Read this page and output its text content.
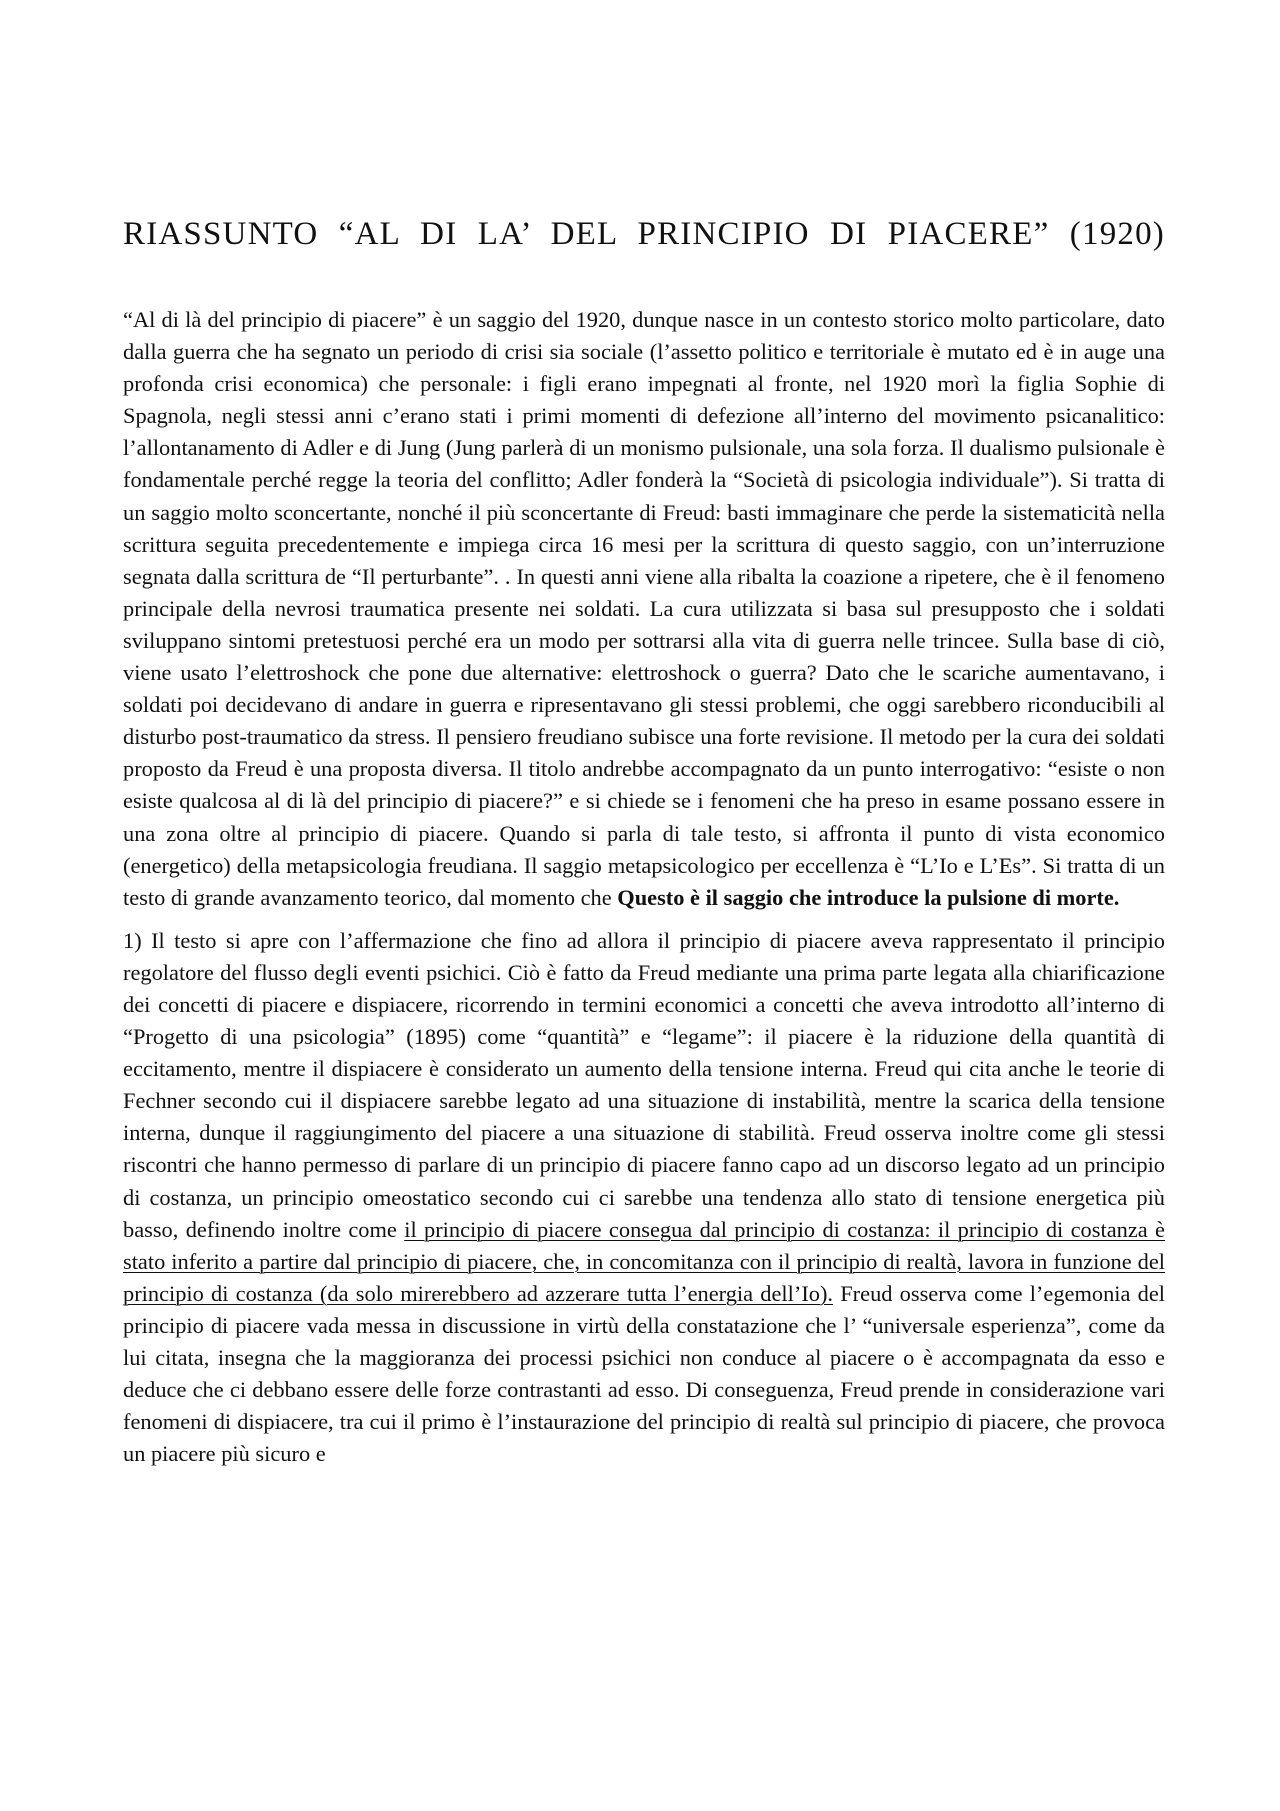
RIASSUNTO “AL DI LA’ DEL PRINCIPIO DI PIACERE” (1920)

“Al di là del principio di piacere” è un saggio del 1920, dunque nasce in un contesto storico molto particolare, dato dalla guerra che ha segnato un periodo di crisi sia sociale (l’assetto politico e territoriale è mutato ed è in auge una profonda crisi economica) che personale: i figli erano impegnati al fronte, nel 1920 morì la figlia Sophie di Spagnola, negli stessi anni c’erano stati i primi momenti di defezione all’interno del movimento psicanalitico: l’allontanamento di Adler e di Jung (Jung parlerà di un monismo pulsionale, una sola forza. Il dualismo pulsionale è fondamentale perché regge la teoria del conflitto; Adler fonderà la “Società di psicologia individuale”). Si tratta di un saggio molto sconcertante, nonché il più sconcertante di Freud: basti immaginare che perde la sistematicità nella scrittura seguita precedentemente e impiega circa 16 mesi per la scrittura di questo saggio, con un’interruzione segnata dalla scrittura de “Il perturbante”. . In questi anni viene alla ribalta la coazione a ripetere, che è il fenomeno principale della nevrosi traumatica presente nei soldati. La cura utilizzata si basa sul presupposto che i soldati sviluppano sintomi pretestuosi perché era un modo per sottrarsi alla vita di guerra nelle trincee. Sulla base di ciò, viene usato l’elettroshock che pone due alternative: elettroshock o guerra? Dato che le scariche aumentavano, i soldati poi decidevano di andare in guerra e ripresentavano gli stessi problemi, che oggi sarebbero riconducibili al disturbo post-traumatico da stress. Il pensiero freudiano subisce una forte revisione. Il metodo per la cura dei soldati proposto da Freud è una proposta diversa. Il titolo andrebbe accompagnato da un punto interrogativo: “esiste o non esiste qualcosa al di là del principio di piacere?” e si chiede se i fenomeni che ha preso in esame possano essere in una zona oltre al principio di piacere. Quando si parla di tale testo, si affronta il punto di vista economico (energetico) della metapsicologia freudiana. Il saggio metapsicologico per eccellenza è “L’Io e L’Es”. Si tratta di un testo di grande avanzamento teorico, dal momento che Questo è il saggio che introduce la pulsione di morte.

1) Il testo si apre con l’affermazione che fino ad allora il principio di piacere aveva rappresentato il principio regolatore del flusso degli eventi psichici. Ciò è fatto da Freud mediante una prima parte legata alla chiarificazione dei concetti di piacere e dispiacere, ricorrendo in termini economici a concetti che aveva introdotto all’interno di “Progetto di una psicologia” (1895) come “quantità” e “legame”: il piacere è la riduzione della quantità di eccitamento, mentre il dispiacere è considerato un aumento della tensione interna. Freud qui cita anche le teorie di Fechner secondo cui il dispiacere sarebbe legato ad una situazione di instabilità, mentre la scarica della tensione interna, dunque il raggiungimento del piacere a una situazione di stabilità. Freud osserva inoltre come gli stessi riscontri che hanno permesso di parlare di un principio di piacere fanno capo ad un discorso legato ad un principio di costanza, un principio omeostatico secondo cui ci sarebbe una tendenza allo stato di tensione energetica più basso, definendo inoltre come il principio di piacere consegua dal principio di costanza: il principio di costanza è stato inferito a partire dal principio di piacere, che, in concomitanza con il principio di realtà, lavora in funzione del principio di costanza (da solo mirerebbero ad azzerare tutta l’energia dell’Io). Freud osserva come l’egemonia del principio di piacere vada messa in discussione in virtù della constatazione che l’ “universale esperienza”, come da lui citata, insegna che la maggioranza dei processi psichici non conduce al piacere o è accompagnata da esso e deduce che ci debbano essere delle forze contrastanti ad esso. Di conseguenza, Freud prende in considerazione vari fenomeni di dispiacere, tra cui il primo è l’instaurazione del principio di realtà sul principio di piacere, che provoca un piacere più sicuro e
